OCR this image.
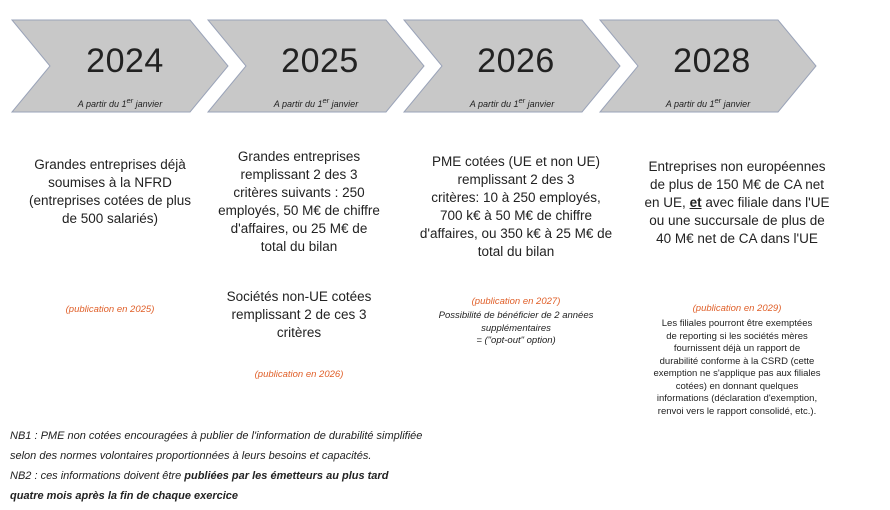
2024	2025	2026	2028
A partir du 1er janvier	A partir du 1er janvier	A partir du 1er janvier	A partir du 1er janvier
Grandes entreprises déjà
soumises à la NFRD
(entreprises cotées de plus
de 500 salariés)
(publication en 2025)
Grandes entreprises
remplissant 2 des 3
critères suivants : 250
employés, 50 M€ de chiffre
d'affaires, ou 25 M€ de
total du bilan
Sociétés non-UE cotées
remplissant 2 de ces 3
critères
(publication en 2026)
PME cotées (UE et non UE)
remplissant 2 des 3
critères: 10 à 250 employés,
700 k€ à 50 M€ de chiffre
d'affaires, ou 350 k€ à 25 M€ de
total du bilan
(publication en 2027)
Possibilité de bénéficier de 2 années
supplémentaires
= ("opt-out" option)
Entreprises non européennes
de plus de 150 M€ de CA net
en UE, et avec filiale dans l'UE
ou une succursale de plus de
40 M€ net de CA dans l'UE
(publication en 2029)
Les filiales pourront être exemptées
de reporting si les sociétés mères
fournissent déjà un rapport de
durabilité conforme à la CSRD (cette
exemption ne s'applique pas aux filiales
cotées) en donnant quelques
informations (déclaration d'exemption,
renvoi vers le rapport consolidé, etc.).
NB1 : PME non cotées encouragées à publier de l'information de durabilité simplifiée
selon des normes volontaires proportionnées à leurs besoins et capacités.
NB2 : ces informations doivent être publiées par les émetteurs au plus tard
quatre mois après la fin de chaque exercice
